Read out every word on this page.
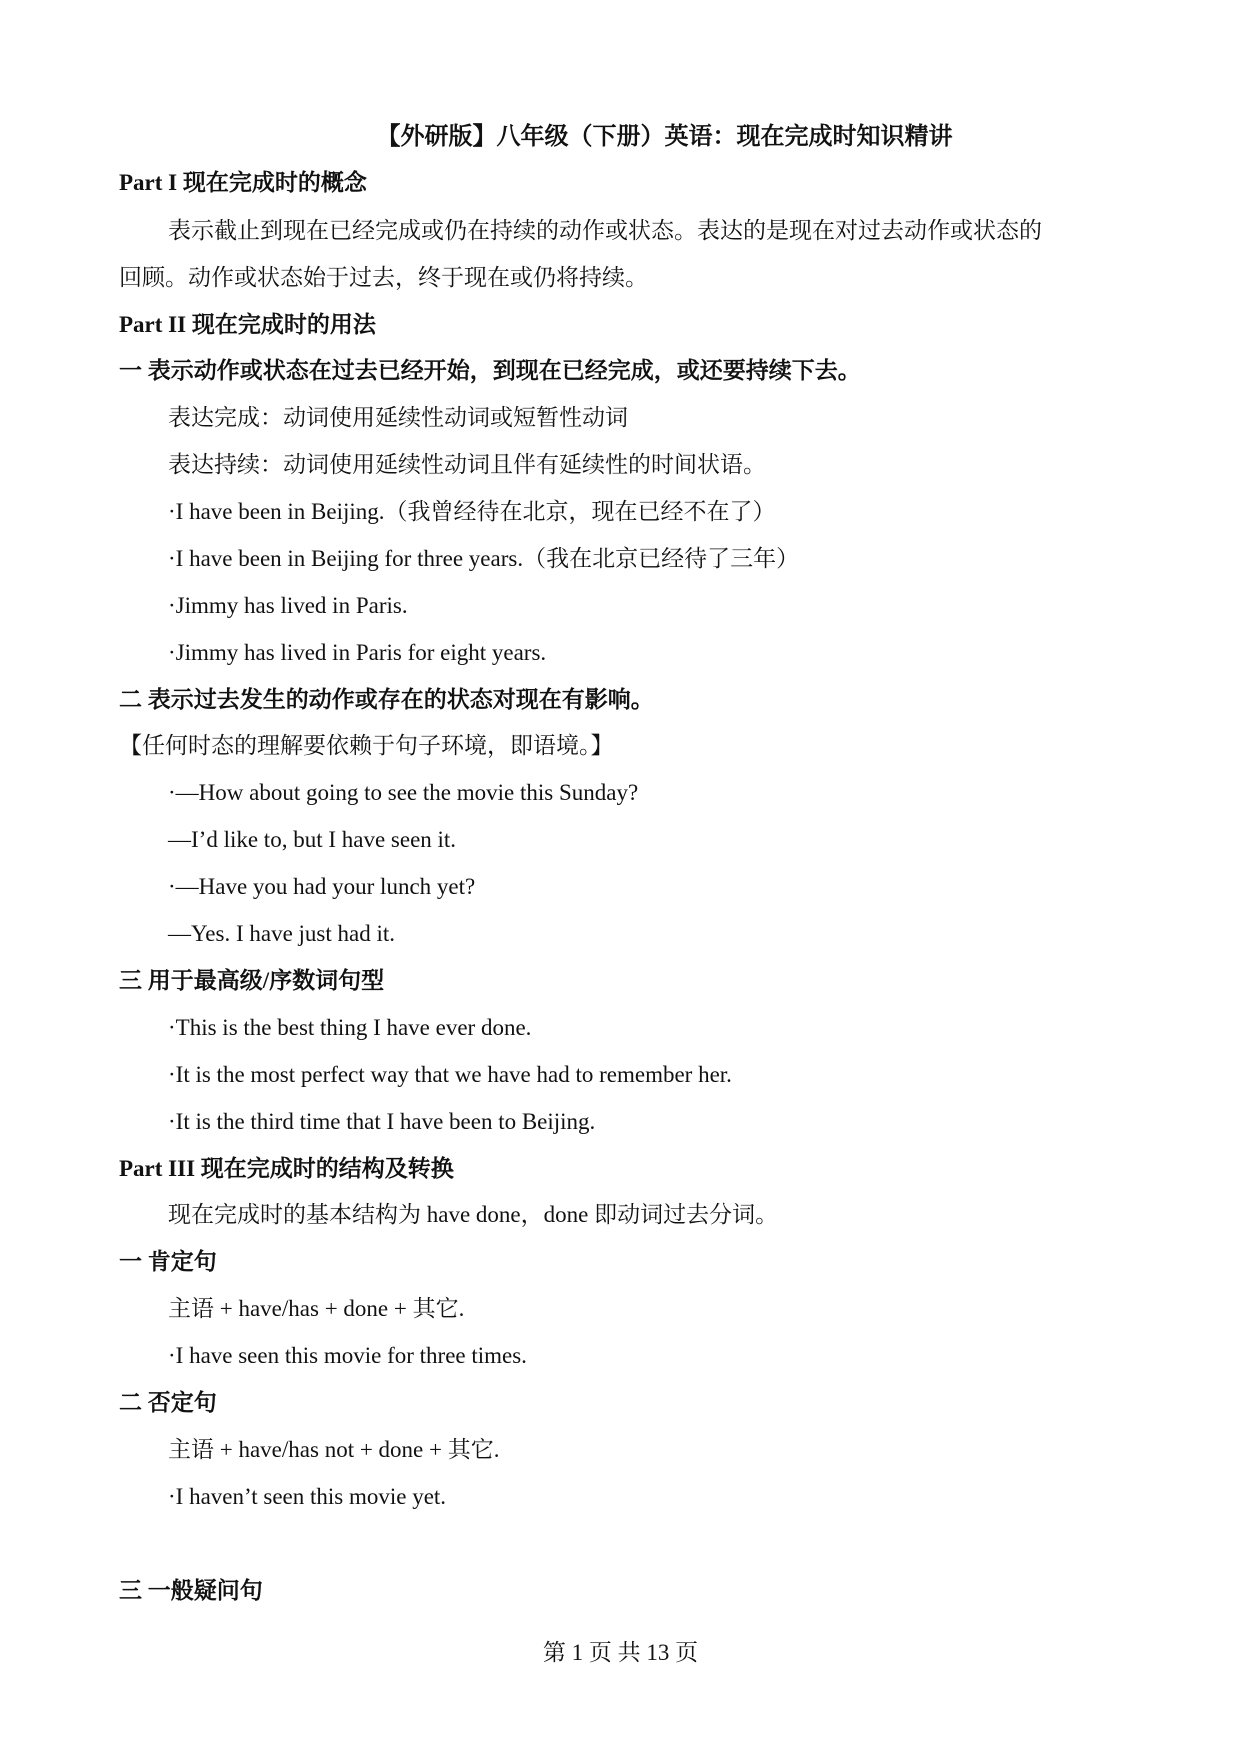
【外研版】八年级（下册）英语：现在完成时知识精讲
Part I 现在完成时的概念
表示截止到现在已经完成或仍在持续的动作或状态。表达的是现在对过去动作或状态的
回顾。动作或状态始于过去，终于现在或仍将持续。
Part II 现在完成时的用法
一 表示动作或状态在过去已经开始，到现在已经完成，或还要持续下去。
表达完成：动词使用延续性动词或短暂性动词
表达持续：动词使用延续性动词且伴有延续性的时间状语。
·I have been in Beijing.（我曾经待在北京，现在已经不在了）
·I have been in Beijing for three years.（我在北京已经待了三年）
·Jimmy has lived in Paris.
·Jimmy has lived in Paris for eight years.
二 表示过去发生的动作或存在的状态对现在有影响。
【任何时态的理解要依赖于句子环境，即语境。】
·—How about going to see the movie this Sunday?
—I’d like to, but I have seen it.
·—Have you had your lunch yet?
—Yes. I have just had it.
三 用于最高级/序数词句型
·This is the best thing I have ever done.
·It is the most perfect way that we have had to remember her.
·It is the third time that I have been to Beijing.
Part III 现在完成时的结构及转换
现在完成时的基本结构为 have done，done 即动词过去分词。
一 肯定句
主语 + have/has + done + 其它.
·I have seen this movie for three times.
二 否定句
主语 + have/has not + done + 其它.
·I haven’t seen this movie yet.
三 一般疑问句
第 1 页 共 13 页
